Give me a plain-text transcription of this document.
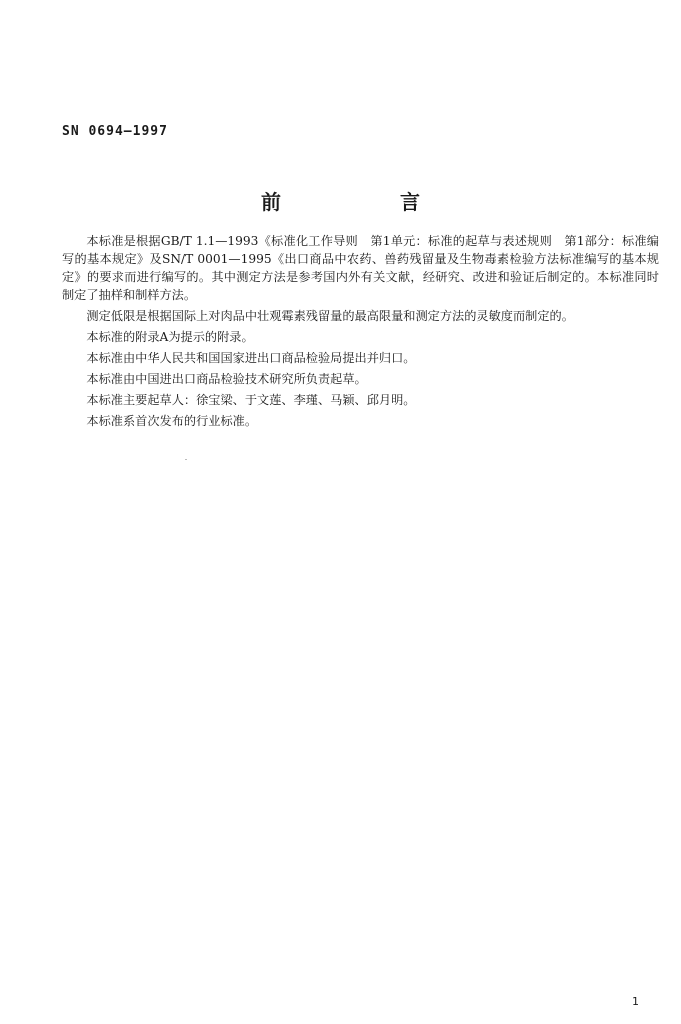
SN 0694—1997
前 言

本标准是根据GB/T 1.1—1993《标准化工作导则　第1单元：标准的起草与表述规则　第1部分：标准编写的基本规定》及SN/T 0001—1995《出口商品中农药、兽药残留量及生物毒素检验方法标准编写的基本规定》的要求而进行编写的。其中测定方法是参考国内外有关文献，经研究、改进和验证后制定的。本标准同时制定了抽样和制样方法。

测定低限是根据国际上对肉品中壮观霉素残留量的最高限量和测定方法的灵敏度而制定的。

本标准的附录A为提示的附录。

本标准由中华人民共和国国家进出口商品检验局提出并归口。

本标准由中国进出口商品检验技术研究所负责起草。

本标准主要起草人：徐宝梁、于文莲、李瑾、马颖、邱月明。

本标准系首次发布的行业标准。

1
